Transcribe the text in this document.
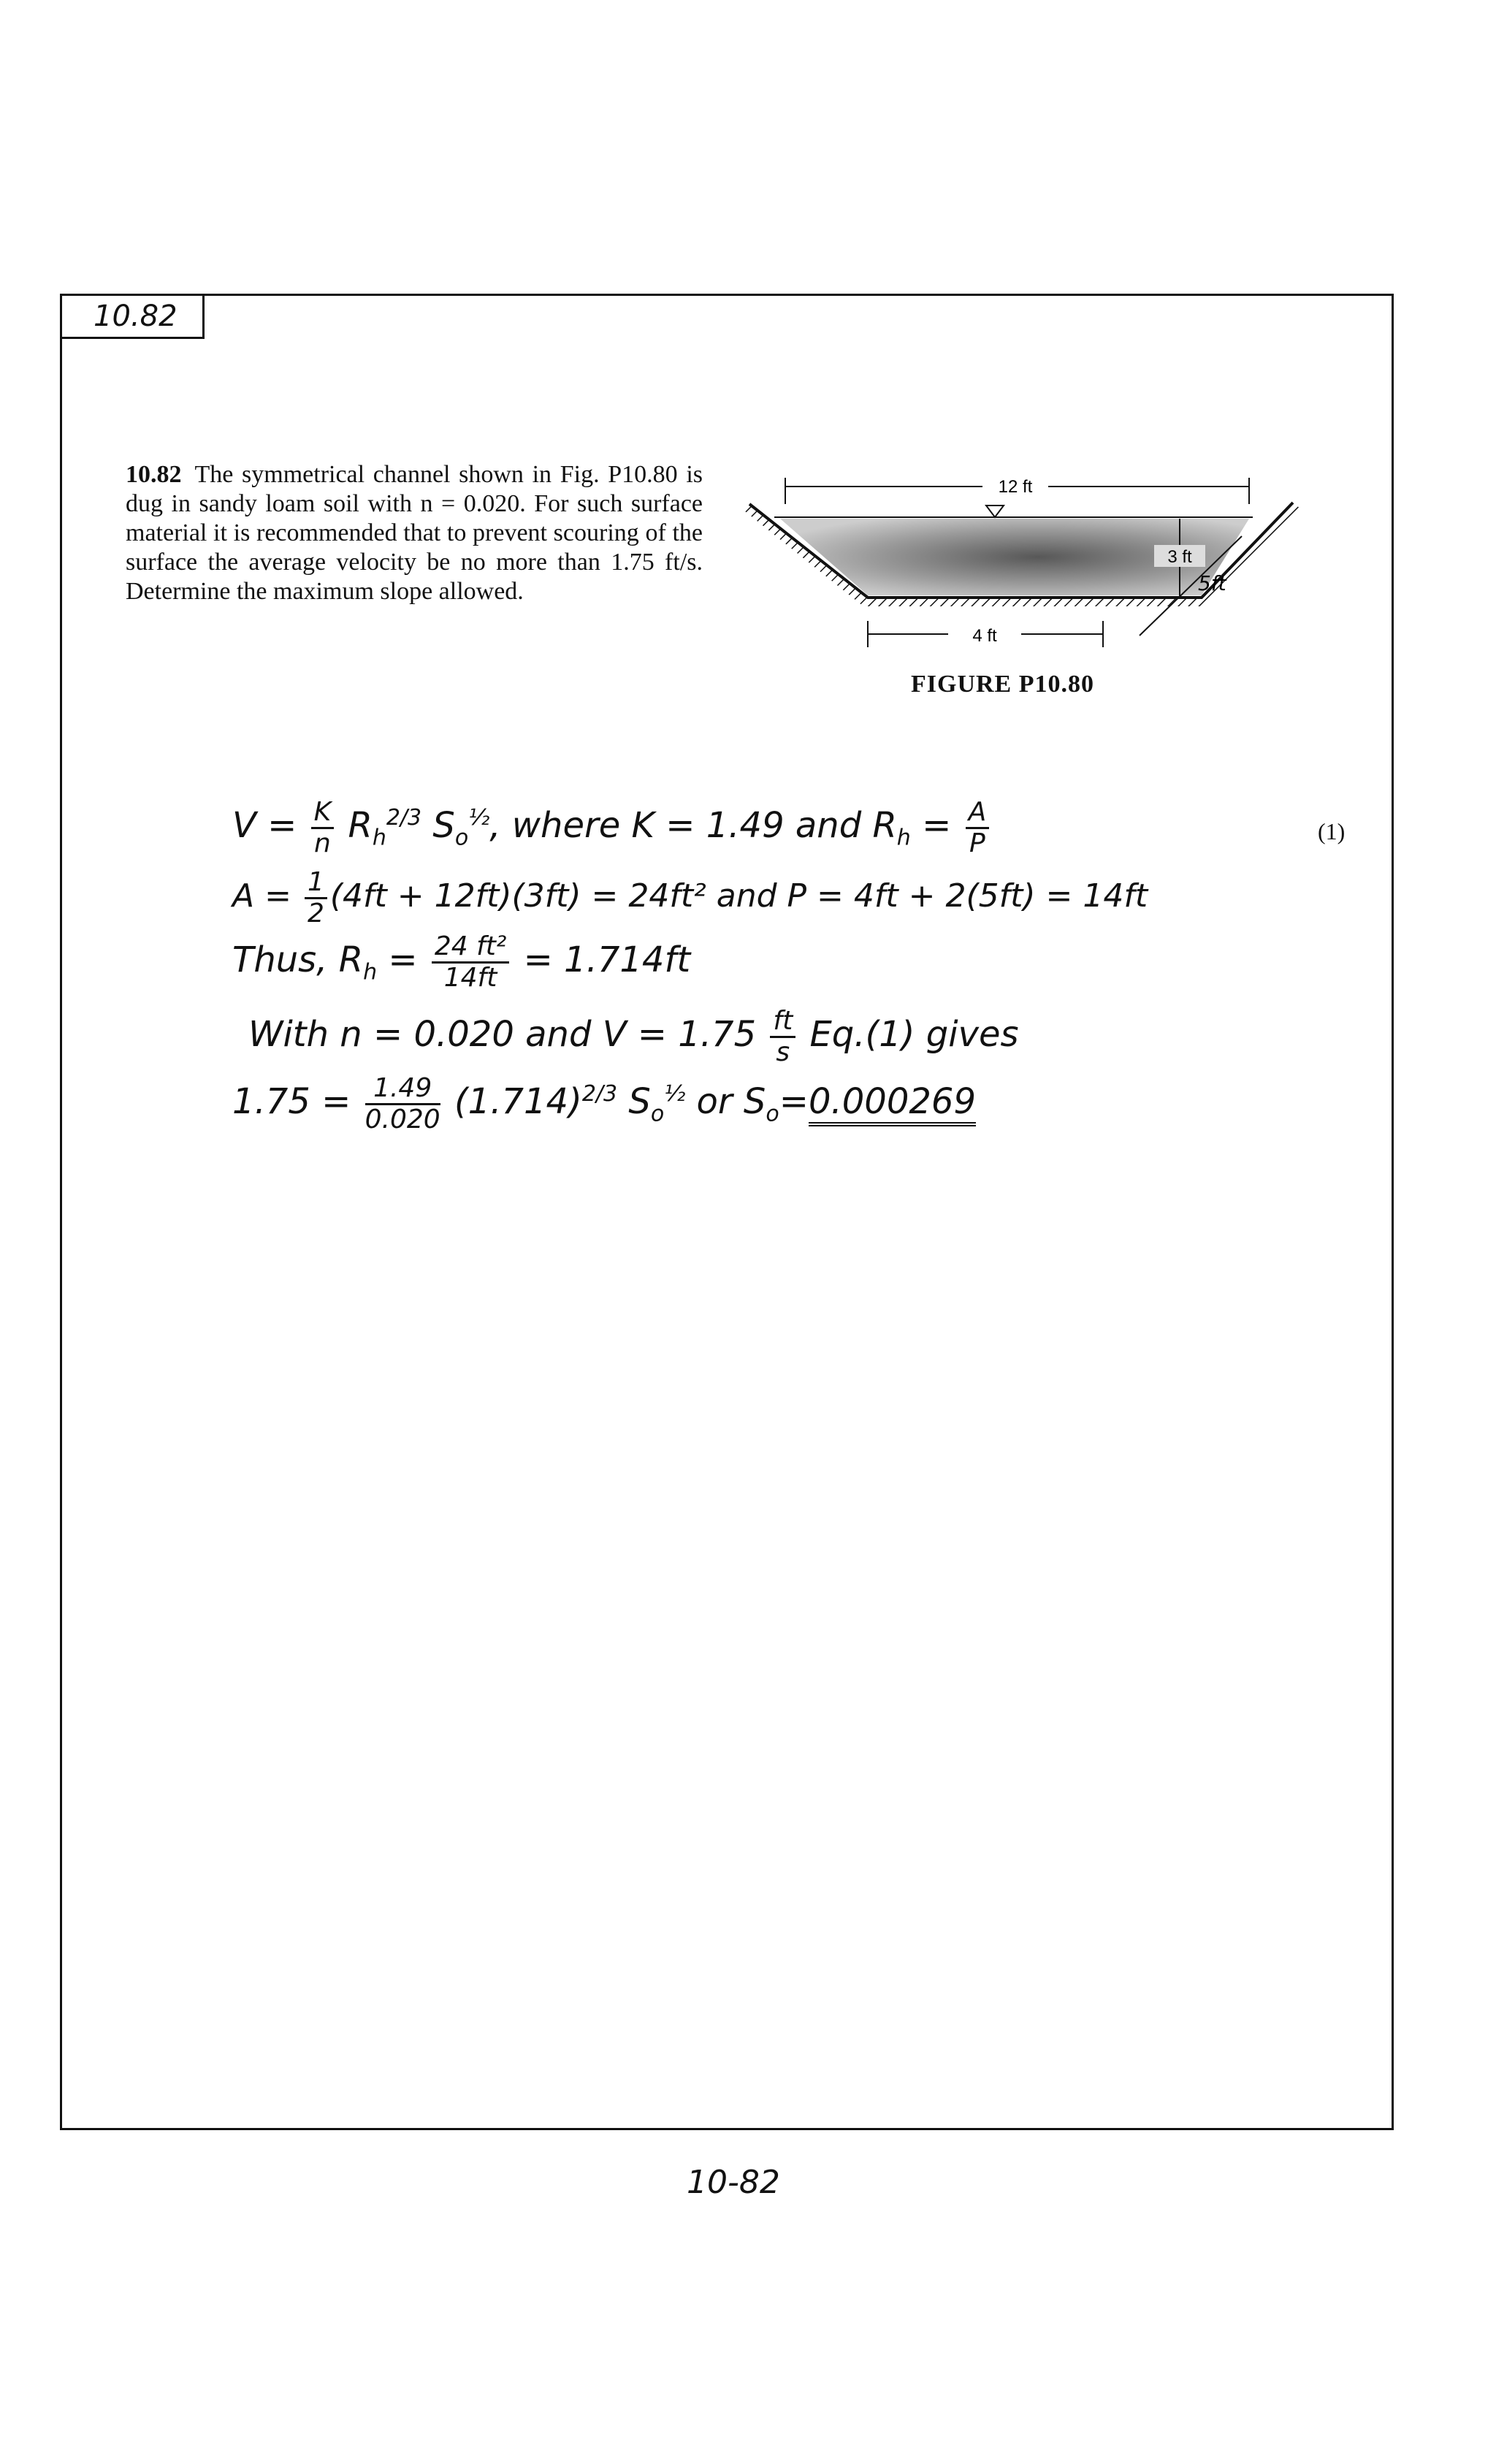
10.82
10.82 The symmetrical channel shown in Fig. P10.80 is dug in sandy loam soil with n = 0.020. For such surface material it is recommended that to prevent scouring of the surface the average velocity be no more than 1.75 ft/s. Determine the maximum slope allowed.
12 ft
3 ft
4 ft
5ft
FIGURE P10.80
$V = \frac{K}{n} R_h^{2/3}$ $S_o^{\frac{1}{2}}$, where K = 1.49 and $R_h = \frac{A}{P}$	(1)
$A = \frac{1}{2} (4ft + 12ft)(3ft) = 24ft^2$ and P = 4ft + 2(5ft) = 14ft
Thus, $R_h = \frac{\text{24 ft²}}{14ft} = 1.714ft$
With n = 0.020 and $V = 1.75 \frac{ft}{s} Eq.(1)$ gives
$1.75 = \frac{1.49}{0.020} (1.714)^{2/3}$ $S_o^{\frac{1}{2}}$ or $S_o=0.000269$
10-82
